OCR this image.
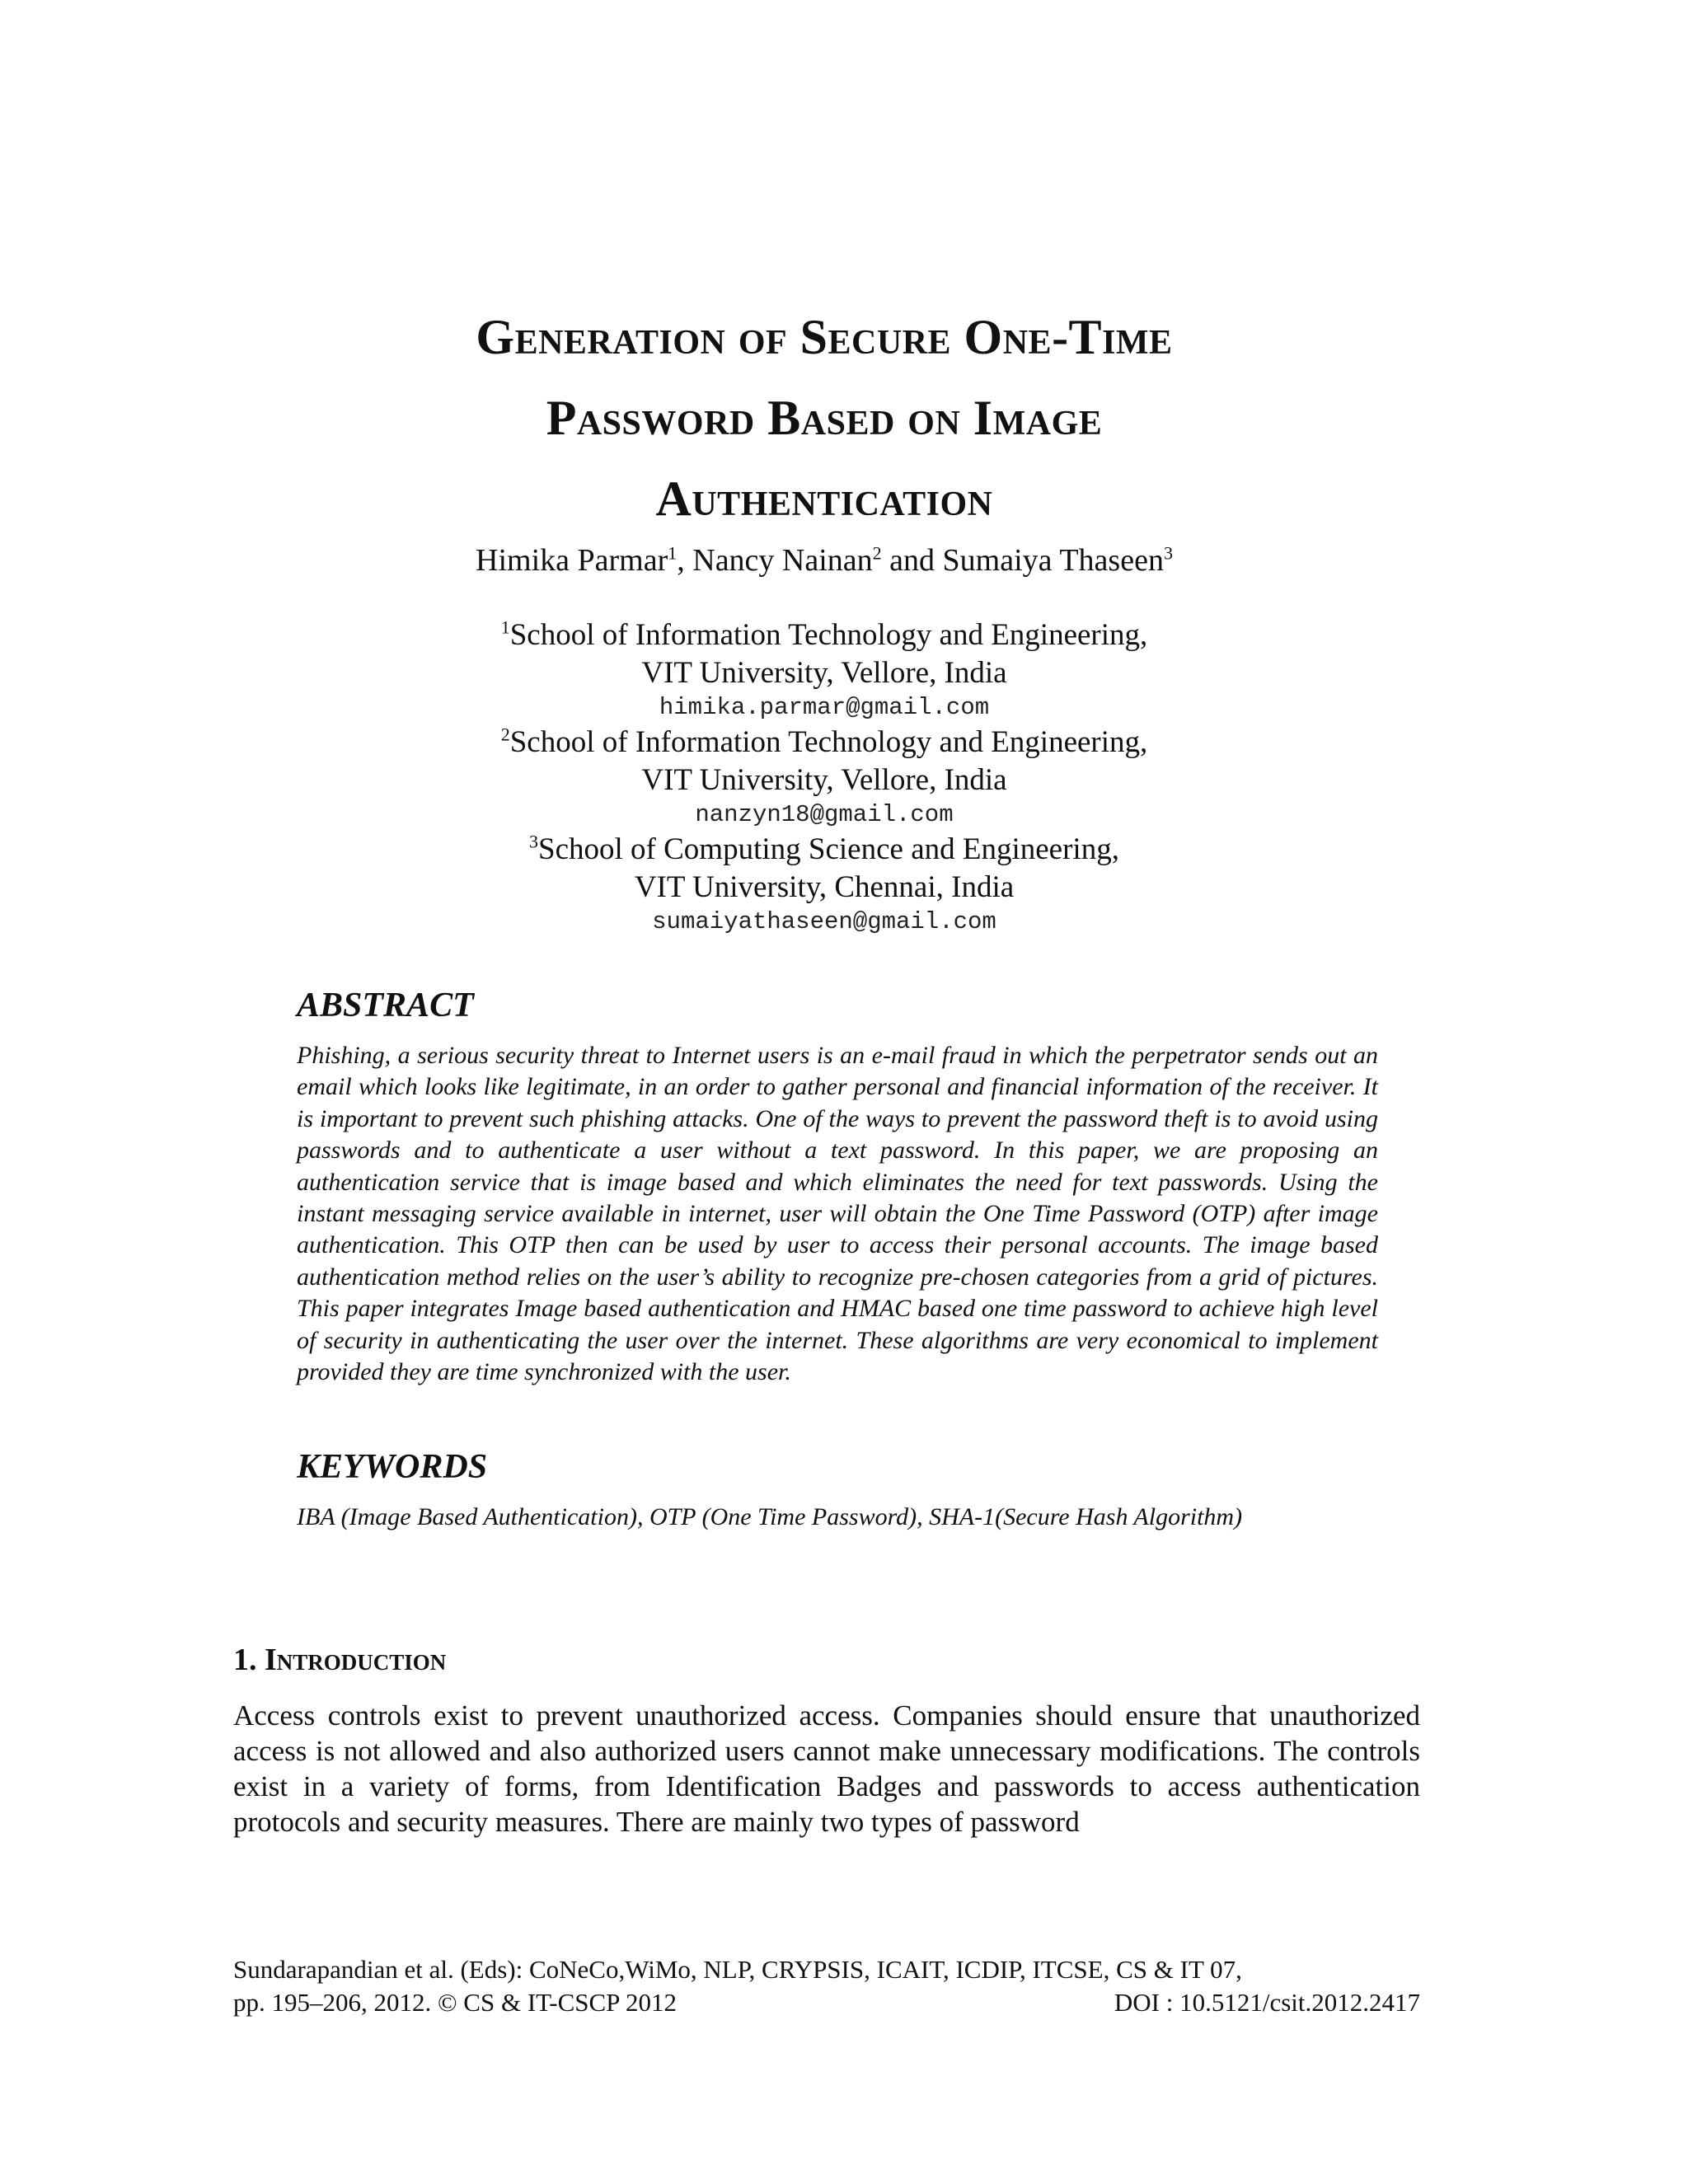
Generation of Secure One-Time
Password Based on Image
Authentication
Himika Parmar$^1$, Nancy Nainan$^2$ and Sumaiya Thaseen$^3$
$^1$School of Information Technology and Engineering,
VIT University, Vellore, India
himika.parmar@gmail.com
$^2$School of Information Technology and Engineering,
VIT University, Vellore, India
nanzyn18@gmail.com
$^3$School of Computing Science and Engineering,
VIT University, Chennai, India
sumaiyathaseen@gmail.com
ABSTRACT
Phishing, a serious security threat to Internet users is an e-mail fraud in which the perpetrator sends out an email which looks like legitimate, in an order to gather personal and financial information of the receiver. It is important to prevent such phishing attacks. One of the ways to prevent the password theft is to avoid using passwords and to authenticate a user without a text password. In this paper, we are proposing an authentication service that is image based and which eliminates the need for text passwords. Using the instant messaging service available in internet, user will obtain the One Time Password (OTP) after image authentication. This OTP then can be used by user to access their personal accounts. The image based authentication method relies on the user’s ability to recognize pre-chosen categories from a grid of pictures. This paper integrates Image based authentication and HMAC based one time password to achieve high level of security in authenticating the user over the internet. These algorithms are very economical to implement provided they are time synchronized with the user.
KEYWORDS
IBA (Image Based Authentication), OTP (One Time Password), SHA-1(Secure Hash Algorithm)
1. Introduction
Access controls exist to prevent unauthorized access. Companies should ensure that unauthorized access is not allowed and also authorized users cannot make unnecessary modifications. The controls exist in a variety of forms, from Identification Badges and passwords to access authentication protocols and security measures. There are mainly two types of password
Sundarapandian et al. (Eds): CoNeCo,WiMo, NLP, CRYPSIS, ICAIT, ICDIP, ITCSE, CS & IT 07,
pp. 195–206, 2012. © CS & IT-CSCP 2012	DOI : 10.5121/csit.2012.2417
